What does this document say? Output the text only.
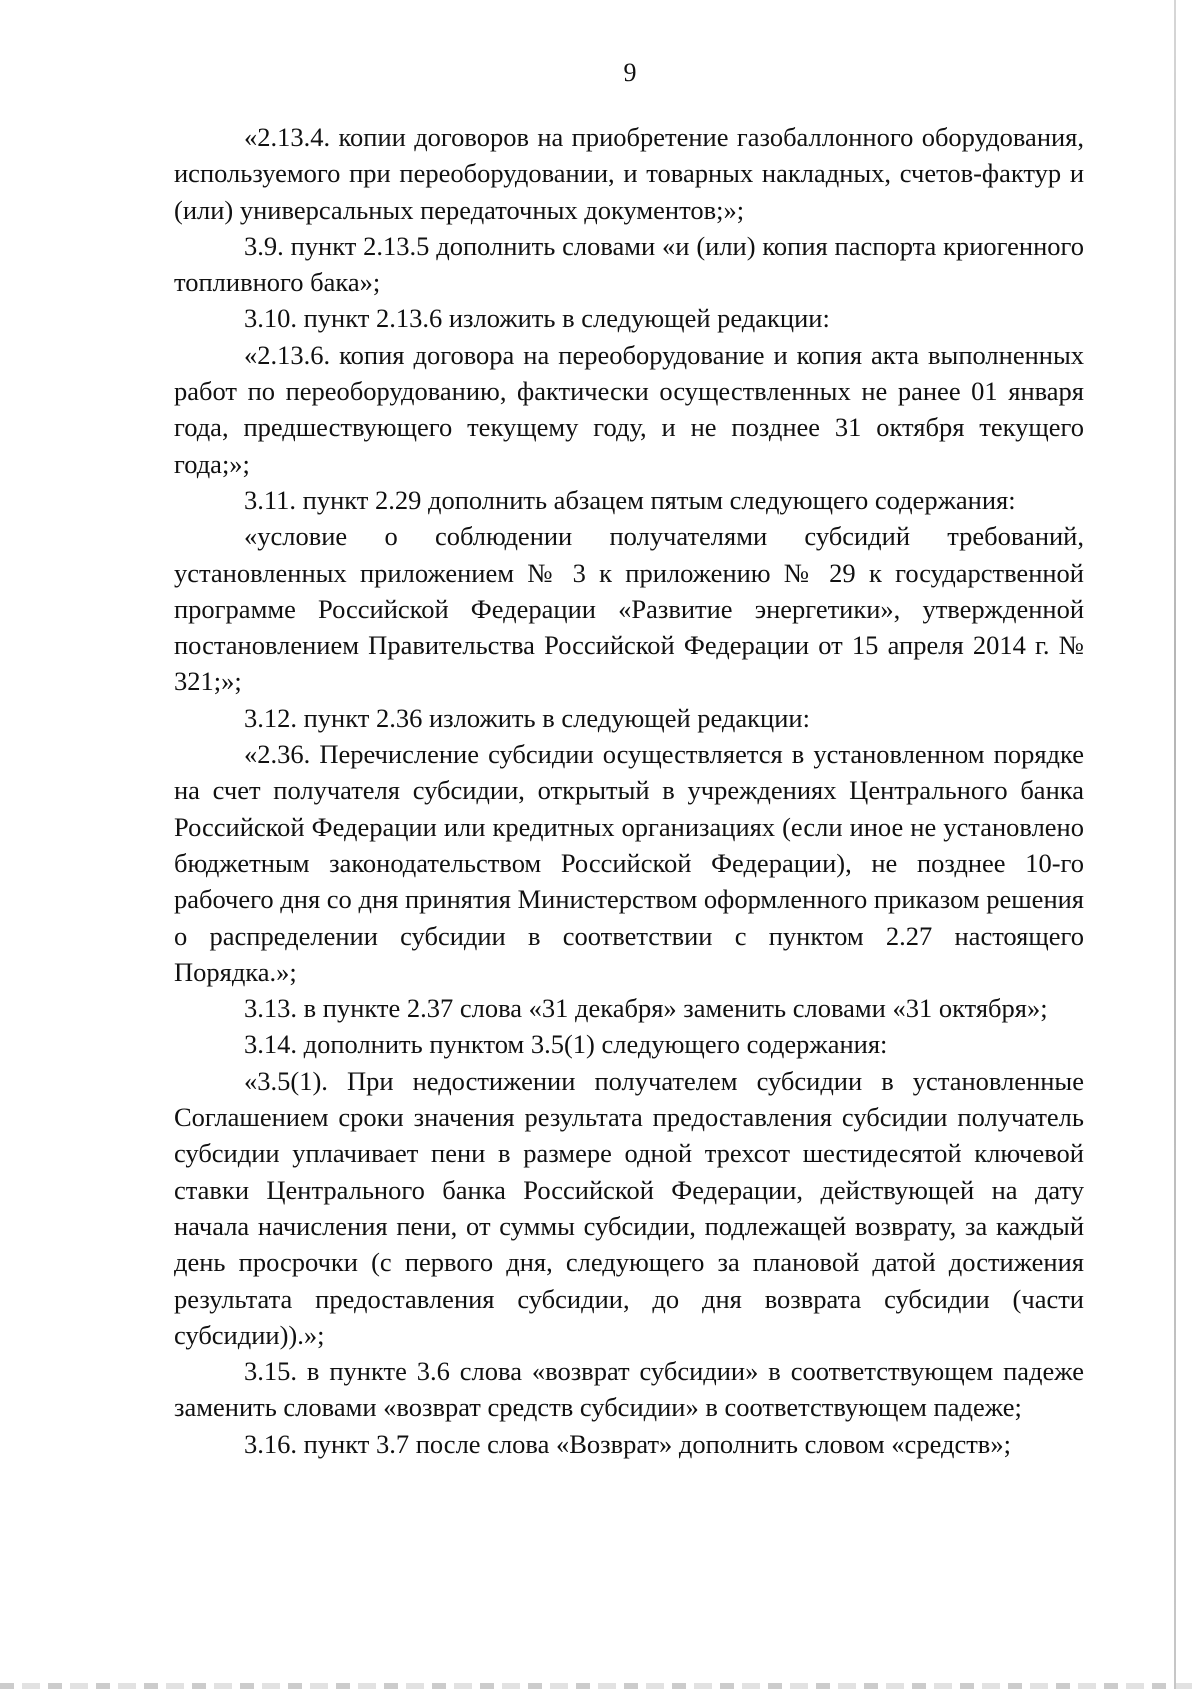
9

«2.13.4. копии договоров на приобретение газобаллонного оборудования, используемого при переоборудовании, и товарных накладных, счетов-фактур и (или) универсальных передаточных документов;»;

3.9. пункт 2.13.5 дополнить словами «и (или) копия паспорта криогенного топливного бака»;

3.10. пункт 2.13.6 изложить в следующей редакции:

«2.13.6. копия договора на переоборудование и копия акта выполненных работ по переоборудованию, фактически осуществленных не ранее 01 января года, предшествующего текущему году, и не позднее 31 октября текущего года;»;

3.11. пункт 2.29 дополнить абзацем пятым следующего содержания:

«условие о соблюдении получателями субсидий требований, установленных приложением № 3 к приложению № 29 к государственной программе Российской Федерации «Развитие энергетики», утвержденной постановлением Правительства Российской Федерации от 15 апреля 2014 г. № 321;»;

3.12. пункт 2.36 изложить в следующей редакции:

«2.36. Перечисление субсидии осуществляется в установленном порядке на счет получателя субсидии, открытый в учреждениях Центрального банка Российской Федерации или кредитных организациях (если иное не установлено бюджетным законодательством Российской Федерации), не позднее 10-го рабочего дня со дня принятия Министерством оформленного приказом решения о распределении субсидии в соответствии с пунктом 2.27 настоящего Порядка.»;

3.13. в пункте 2.37 слова «31 декабря» заменить словами «31 октября»;

3.14. дополнить пунктом 3.5(1) следующего содержания:

«3.5(1). При недостижении получателем субсидии в установленные Соглашением сроки значения результата предоставления субсидии получатель субсидии уплачивает пени в размере одной трехсот шестидесятой ключевой ставки Центрального банка Российской Федерации, действующей на дату начала начисления пени, от суммы субсидии, подлежащей возврату, за каждый день просрочки (с первого дня, следующего за плановой датой достижения результата предоставления субсидии, до дня возврата субсидии (части субсидии)).»;

3.15. в пункте 3.6 слова «возврат субсидии» в соответствующем падеже заменить словами «возврат средств субсидии» в соответствующем падеже;

3.16. пункт 3.7 после слова «Возврат» дополнить словом «средств»;
